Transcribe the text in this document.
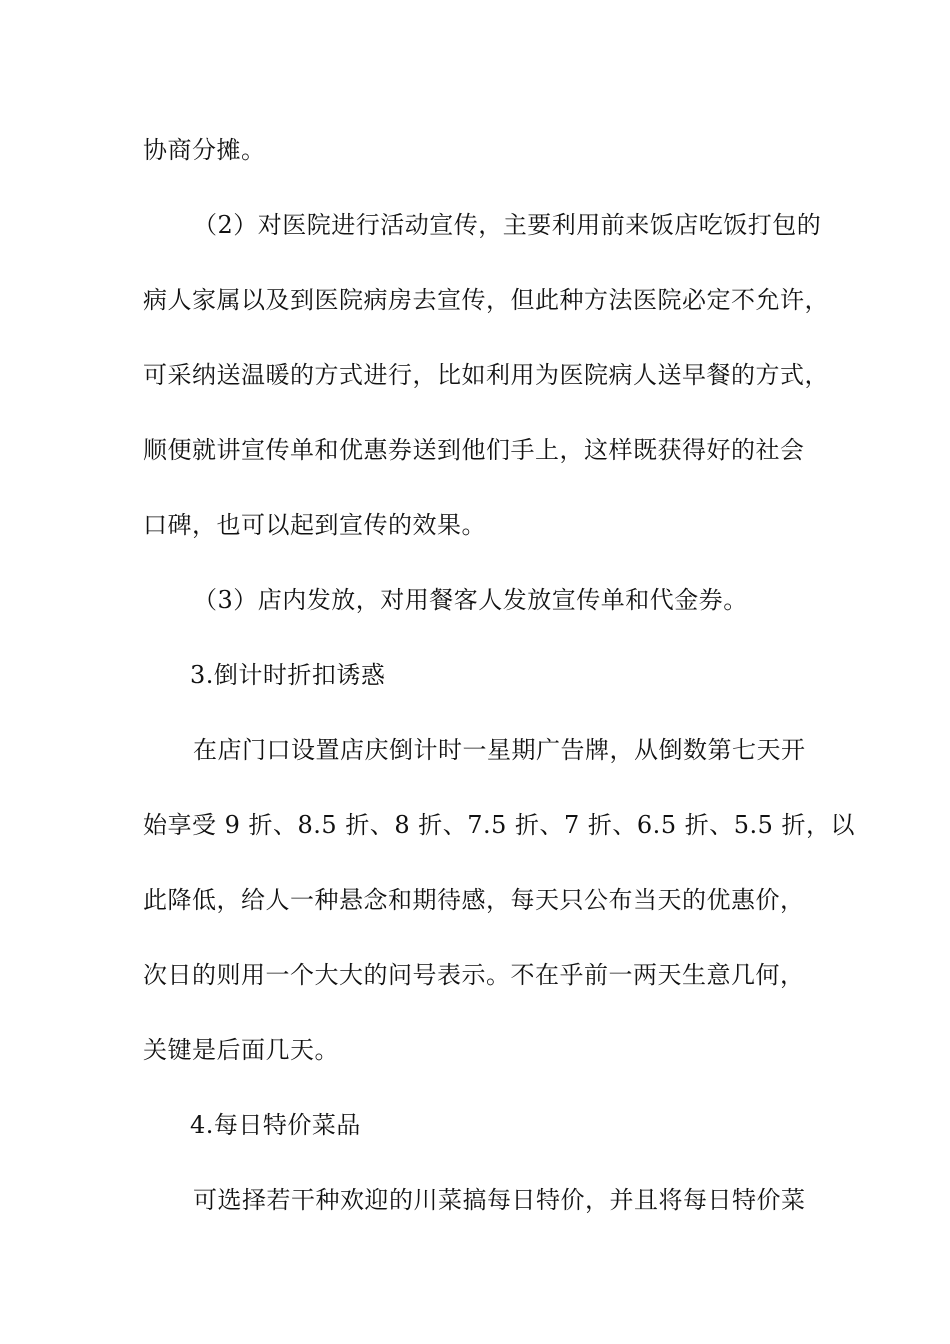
协商分摊。
（2）对医院进行活动宣传，主要利用前来饭店吃饭打包的
病人家属以及到医院病房去宣传，但此种方法医院必定不允许，
可采纳送温暖的方式进行，比如利用为医院病人送早餐的方式，
顺便就讲宣传单和优惠券送到他们手上，这样既获得好的社会
口碑，也可以起到宣传的效果。
（3）店内发放，对用餐客人发放宣传单和代金券。
3.倒计时折扣诱惑
在店门口设置店庆倒计时一星期广告牌，从倒数第七天开
始享受 9 折、8.5 折、8 折、7.5 折、7 折、6.5 折、5.5 折，以
此降低，给人一种悬念和期待感，每天只公布当天的优惠价，
次日的则用一个大大的问号表示。不在乎前一两天生意几何，
关键是后面几天。
4.每日特价菜品
可选择若干种欢迎的川菜搞每日特价，并且将每日特价菜
